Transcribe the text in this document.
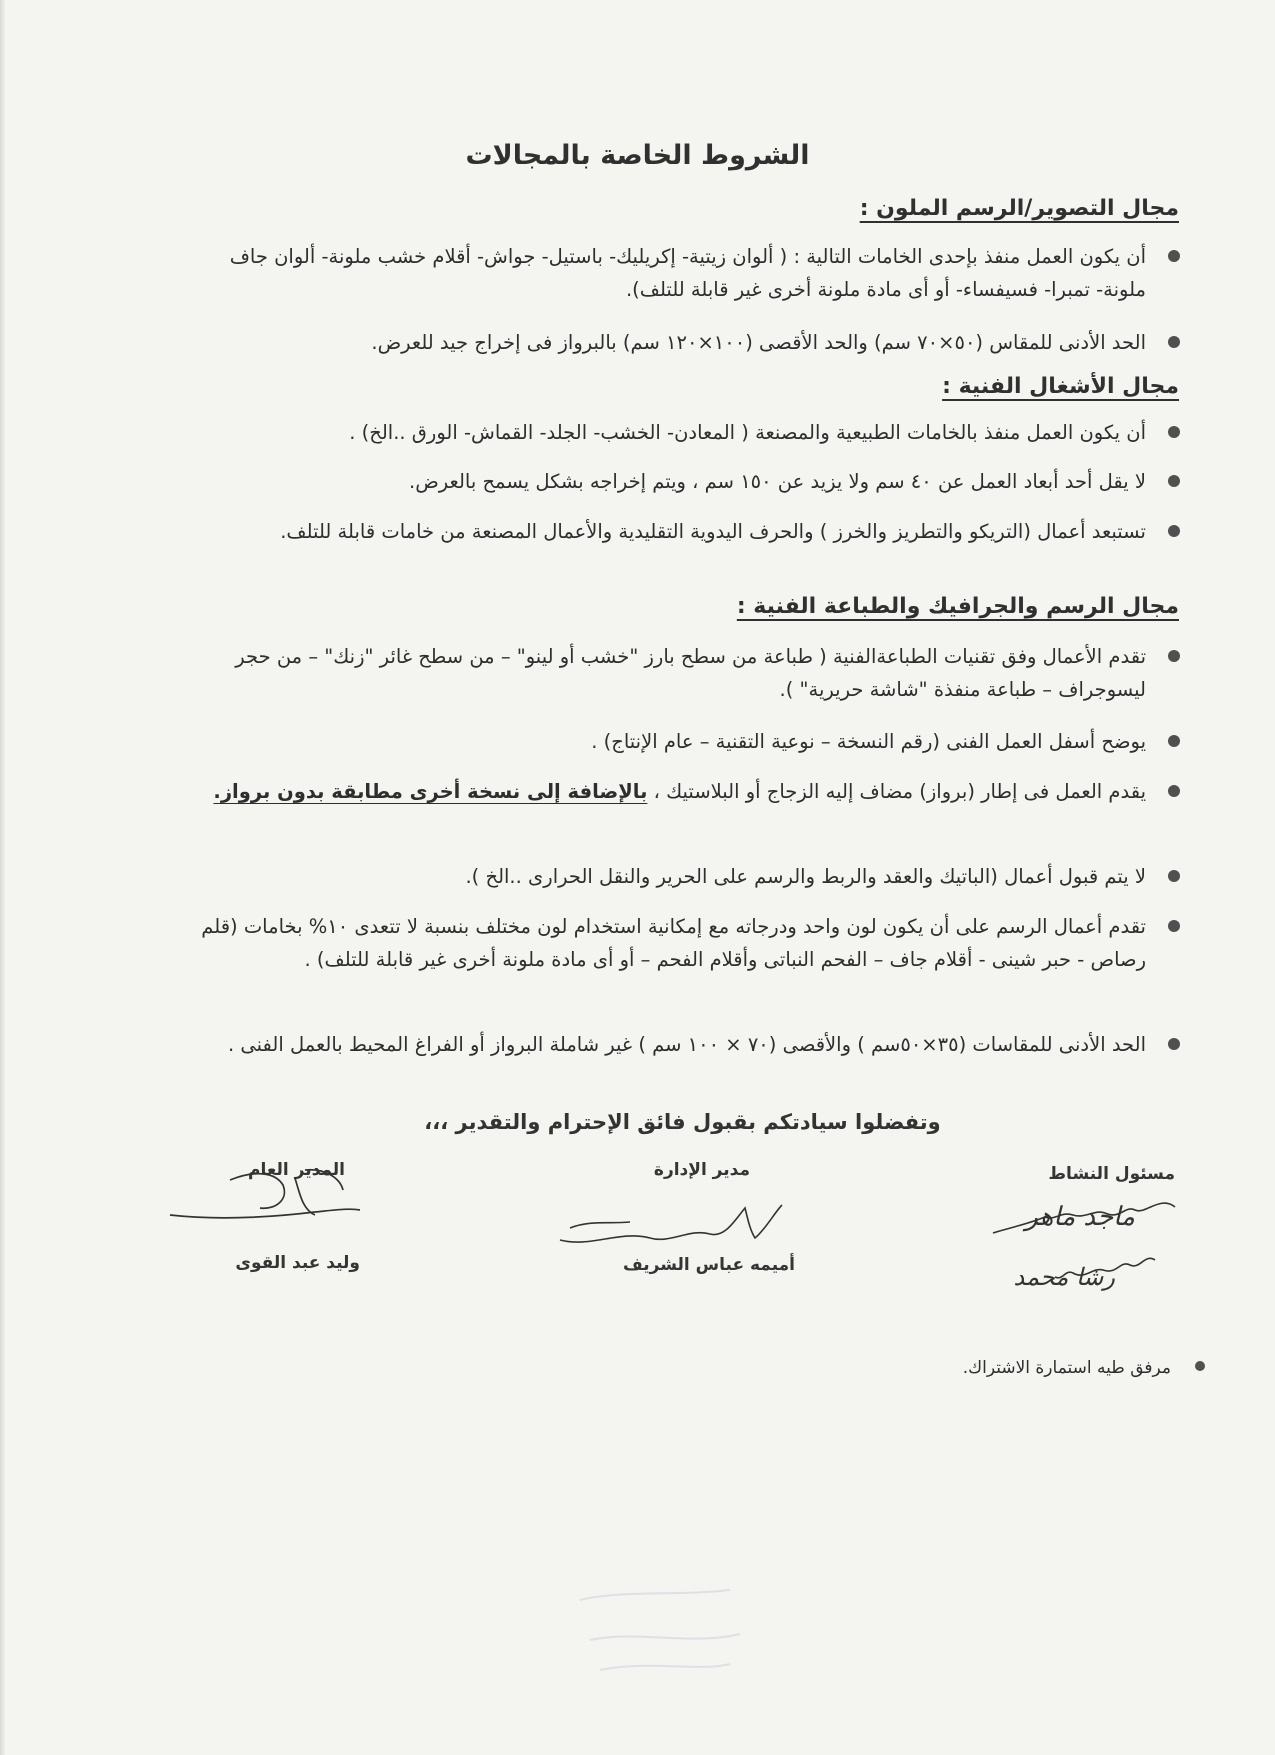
الشروط الخاصة بالمجالات
مجال التصوير/الرسم الملون :

أن يكون العمل منفذ بإحدى الخامات التالية : ( ألوان زيتية- إكريليك- باستيل- جواش- أقلام خشب ملونة- ألوان جاف ملونة- تمبرا- فسيفساء- أو أى مادة ملونة أخرى غير قابلة للتلف).

الحد الأدنى للمقاس (٥٠×٧٠ سم) والحد الأقصى (١٠٠×١٢٠ سم) بالبرواز فى إخراج جيد للعرض.

مجال الأشغال الفنية :

أن يكون العمل منفذ بالخامات الطبيعية والمصنعة ( المعادن- الخشب- الجلد- القماش- الورق ..الخ) .

لا يقل أحد أبعاد العمل عن ٤٠ سم ولا يزيد عن ١٥٠ سم ، ويتم إخراجه بشكل يسمح بالعرض.

تستبعد أعمال (التريكو والتطريز والخرز ) والحرف اليدوية التقليدية والأعمال المصنعة من خامات قابلة للتلف.

مجال الرسم والجرافيك والطباعة الفنية :

تقدم الأعمال وفق تقنيات الطباعةالفنية ( طباعة من سطح بارز "خشب أو لينو" – من سطح غائر "زنك" – من حجر ليسوجراف – طباعة منفذة "شاشة حريرية" ).

يوضح أسفل العمل الفنى (رقم النسخة – نوعية التقنية – عام الإنتاج) .

يقدم العمل فى إطار (برواز) مضاف إليه الزجاج أو البلاستيك ، بالإضافة إلى نسخة أخرى مطابقة بدون برواز.

لا يتم قبول أعمال (الباتيك والعقد والربط والرسم على الحرير والنقل الحرارى ..الخ ).

تقدم أعمال الرسم على أن يكون لون واحد ودرجاته مع إمكانية استخدام لون مختلف بنسبة لا تتعدى ١٠% بخامات (قلم رصاص - حبر شينى - أقلام جاف – الفحم النباتى وأقلام الفحم – أو أى مادة ملونة أخرى غير قابلة للتلف) .

الحد الأدنى للمقاسات (٣٥×٥٠سم ) والأقصى (٧٠ × ١٠٠ سم ) غير شاملة البرواز أو الفراغ المحيط بالعمل الفنى .

وتفضلوا سيادتكم بقبول فائق الإحترام والتقدير ،،،

مسئول النشاط

ماجد ماهر
رشا محمد

مدير الإدارة

أميمه عباس الشريف

المدير العام

وليد عبد القوى

مرفق طيه استمارة الاشتراك.
